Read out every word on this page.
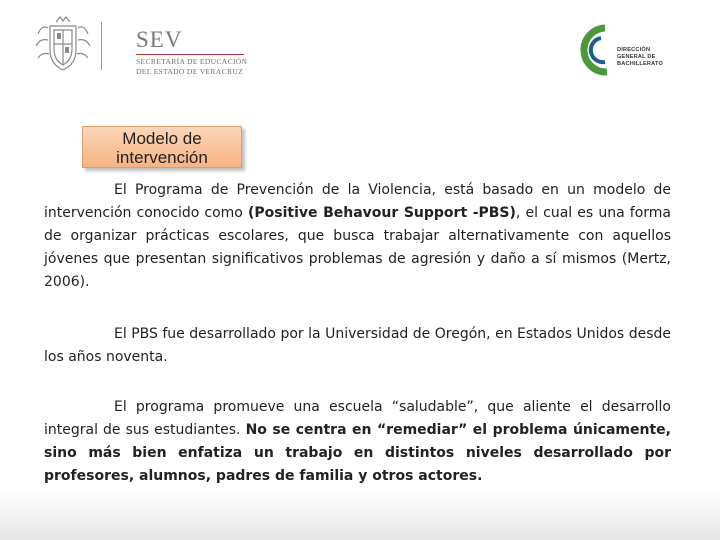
SEV
SECRETARÍA DE EDUCACIÓN
DEL ESTADO DE VERACRUZ
DIRECCIÓN
GENERAL DE
BACHILLERATO
Modelo de
intervención

El Programa de Prevención de la Violencia, está basado en un modelo de intervención conocido como (Positive Behavour Support -PBS), el cual es una forma de organizar prácticas escolares, que busca trabajar alternativamente con aquellos jóvenes que presentan significativos problemas de agresión y daño a sí mismos (Mertz, 2006).

El PBS fue desarrollado por la Universidad de Oregón, en Estados Unidos desde los años noventa.

El programa promueve una escuela “saludable”, que aliente el desarrollo integral de sus estudiantes. No se centra en “remediar” el problema únicamente, sino más bien enfatiza un trabajo en distintos niveles desarrollado por profesores, alumnos, padres de familia y otros actores.
